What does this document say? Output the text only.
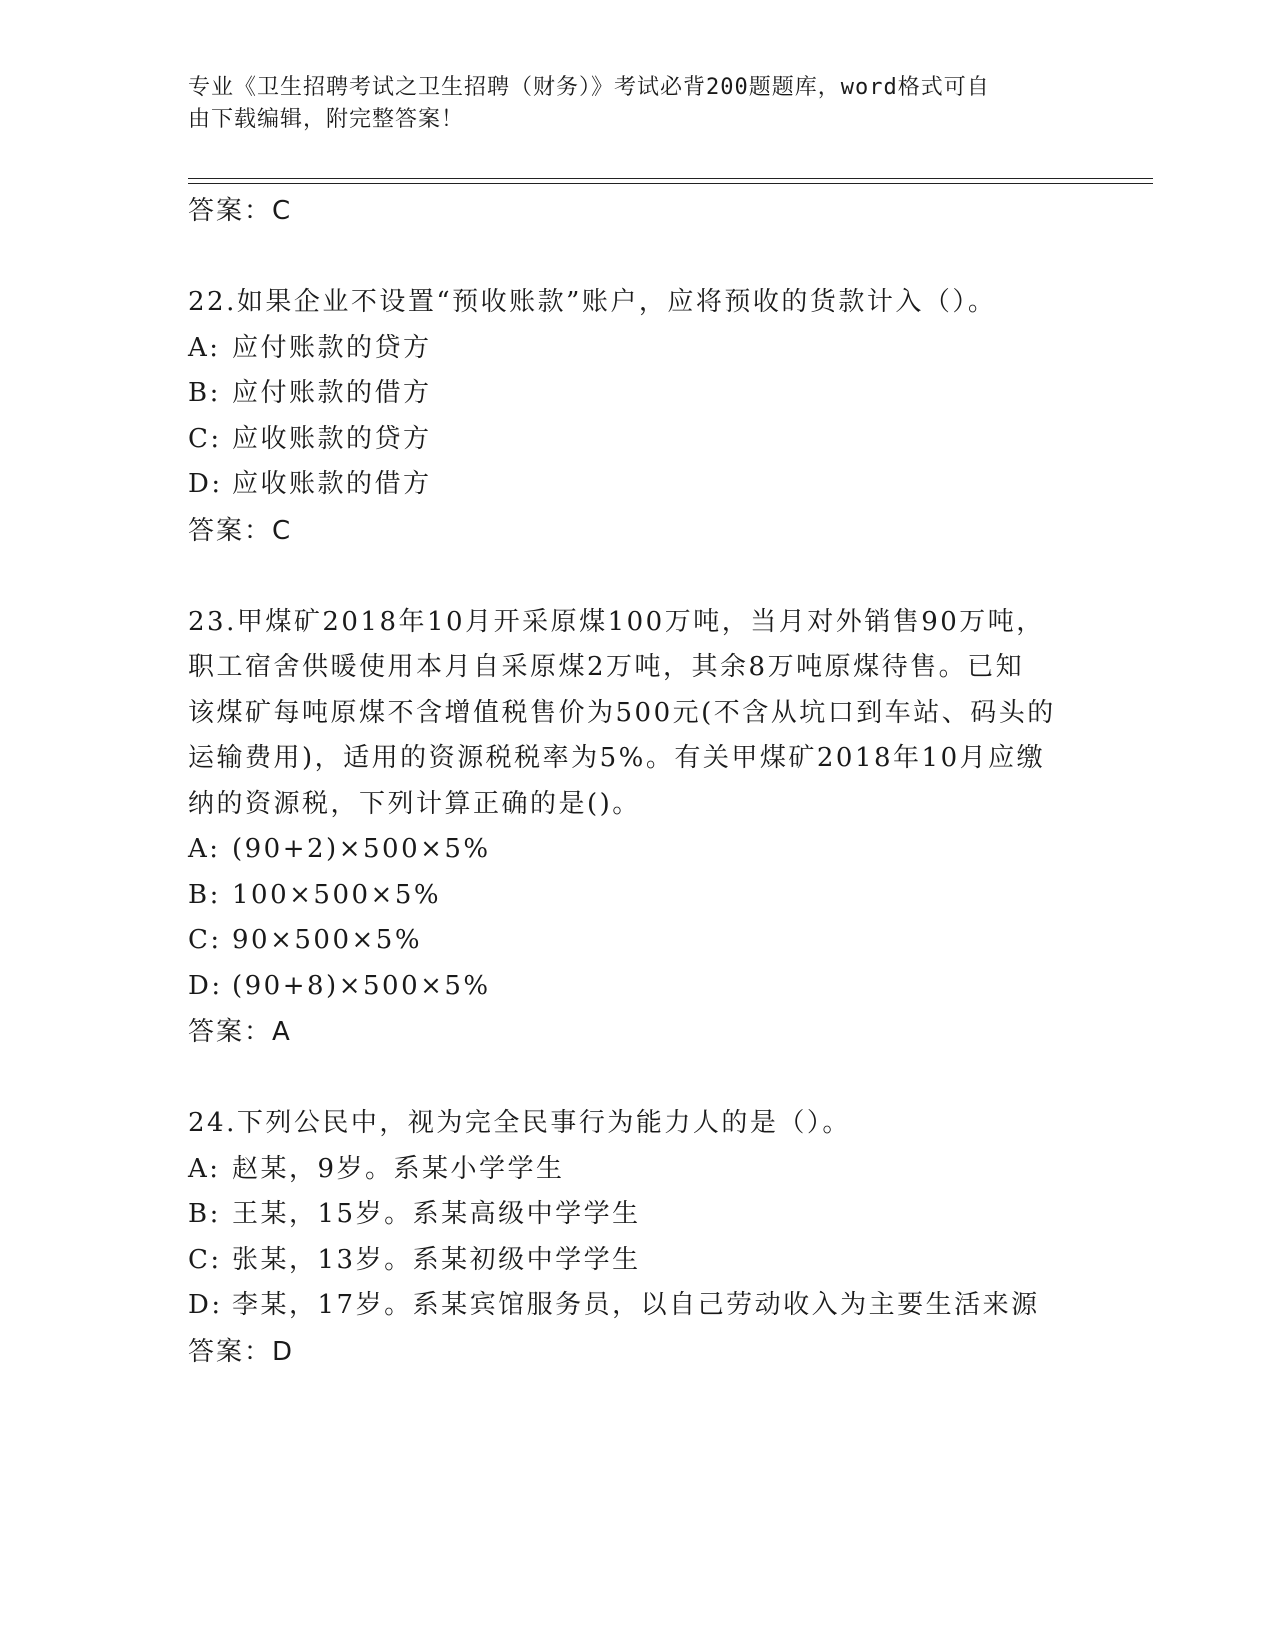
专业《卫生招聘考试之卫生招聘（财务）》考试必背200题题库，word格式可自
由下载编辑，附完整答案！
答案：C
22.如果企业不设置“预收账款”账户，应将预收的货款计入（）。
A: 应付账款的贷方
B: 应付账款的借方
C: 应收账款的贷方
D: 应收账款的借方
答案：C
23.甲煤矿2018年10月开采原煤100万吨，当月对外销售90万吨，
职工宿舍供暖使用本月自采原煤2万吨，其余8万吨原煤待售。已知
该煤矿每吨原煤不含增值税售价为500元(不含从坑口到车站、码头的
运输费用)，适用的资源税税率为5%。有关甲煤矿2018年10月应缴
纳的资源税，下列计算正确的是()。
A: (90+2)×500×5%
B: 100×500×5%
C: 90×500×5%
D: (90+8)×500×5%
答案：A
24.下列公民中，视为完全民事行为能力人的是（）。
A: 赵某，9岁。系某小学学生
B: 王某，15岁。系某高级中学学生
C: 张某，13岁。系某初级中学学生
D: 李某，17岁。系某宾馆服务员，以自己劳动收入为主要生活来源
答案：D
